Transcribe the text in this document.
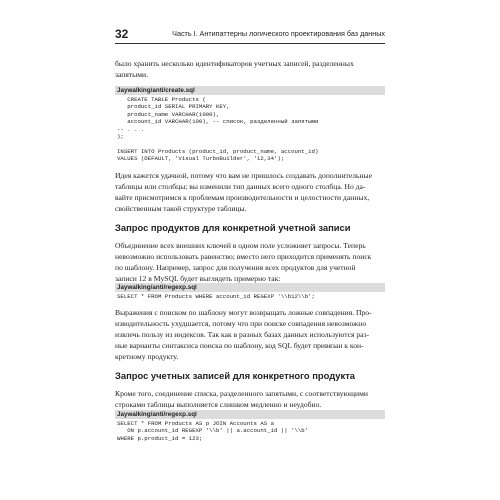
32	Часть I. Антипаттерны логического проектирования баз данных

было хранить несколько идентификаторов учетных записей, разделенных
запятыми.

Jaywalking/anti/create.sql
CREATE TABLE Products (
product_id SERIAL PRIMARY KEY,
product_name VARCHAR(1000),
account_id VARCHAR(100), -- список, разделенный запятыми
-- . . .
);

INSERT INTO Products (product_id, product_name, account_id)
VALUES (DEFAULT, 'Visual TurboBuilder', '12,34');

Идея кажется удачной, потому что вам не пришлось создавать дополнительные
таблицы или столбцы; вы изменили тип данных всего одного столбца. Но да-
вайте присмотримся к проблемам производительности и целостности данных,
свойственным такой структуре таблицы.

Запрос продуктов для конкретной учетной записи

Объединение всех внешних ключей в одном поле усложняет запросы. Теперь
невозможно использовать равенство; вместо него приходится применять поиск
по шаблону. Например, запрос для получения всех продуктов для учетной
записи 12 в MySQL будет выглядеть примерно так:

Jaywalking/anti/regexp.sql
SELECT * FROM Products WHERE account_id REGEXP '\\b12\\b';

Выражения с поиском по шаблону могут возвращать ложные совпадения. Про-
изводительность ухудшается, потому что при поиске совпадения невозможно
извлечь пользу из индексов. Так как в разных базах данных используются раз-
ные варианты синтаксиса поиска по шаблону, код SQL будет привязан к кон-
кретному продукту.

Запрос учетных записей для конкретного продукта

Кроме того, соединение списка, разделенного запятыми, с соответствующими
строками таблицы выполняется слишком медленно и неудобно.

Jaywalking/anti/regexp.sql
SELECT * FROM Products AS p JOIN Accounts AS a
ON p.account_id REGEXP '\\b' || a.account_id || '\\b'
WHERE p.product_id = 123;
